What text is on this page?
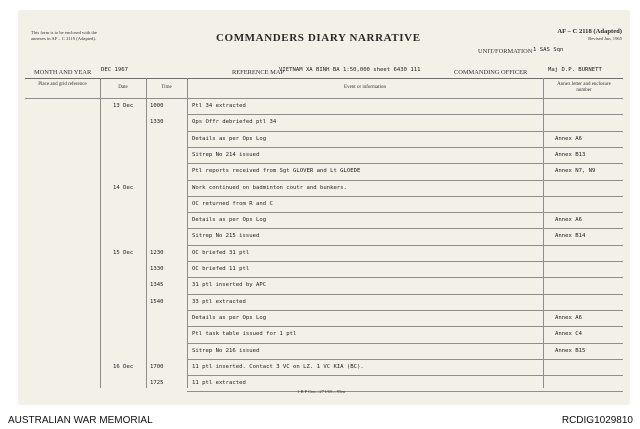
This form is to be enclosed with the
annexes in AF – C 2119 (Adapted).	COMMANDERS DIARY NARRATIVE
AF – C 2118 (Adapted)
Revised Jun, 1965
UNIT/FORMATION 1 SAS Sqn
MONTH AND YEAR DEC 1967	REFERENCE MAP
VIETNAM XA BINH BA 1:50,000 sheet 6430 111	COMMANDING OFFICER	Maj D.P. BURNETT
Place and grid reference
Date	Time	Event or information
Annex letter and enclosure number
13 Dec	1000	Ptl 34 extracted
1330	Ops Offr debriefed ptl 34
Details as per Ops Log	Annex A6
Sitrep No 214 issued	Annex B13
Ptl reports received from Sgt GLOVER and Lt GLOEDE	Annex N7, N9
14 Dec	Work continued on badminton coutr and bunkers.
OC returned from R and C
Details as per Ops Log	Annex A6
Sitrep No 215 issued	Annex B14
15 Dec	1230	OC briefed 31 ptl
1330	OC briefed 11 ptl
1345	31 ptl inserted by APC
1540	33 ptl extracted
Details as per Ops Log	Annex A6
Ptl task table issued for 1 ptl	Annex C4
Sitrep No 216 issued	Annex B15
16 Dec	1700	11 ptl inserted. Contact 3 VC on LZ. 1 VC KIA (BC).
1725	11 ptl extracted
1 B P Ctn—271/65—95m
AUSTRALIAN WAR MEMORIAL	RCDIG1029810
